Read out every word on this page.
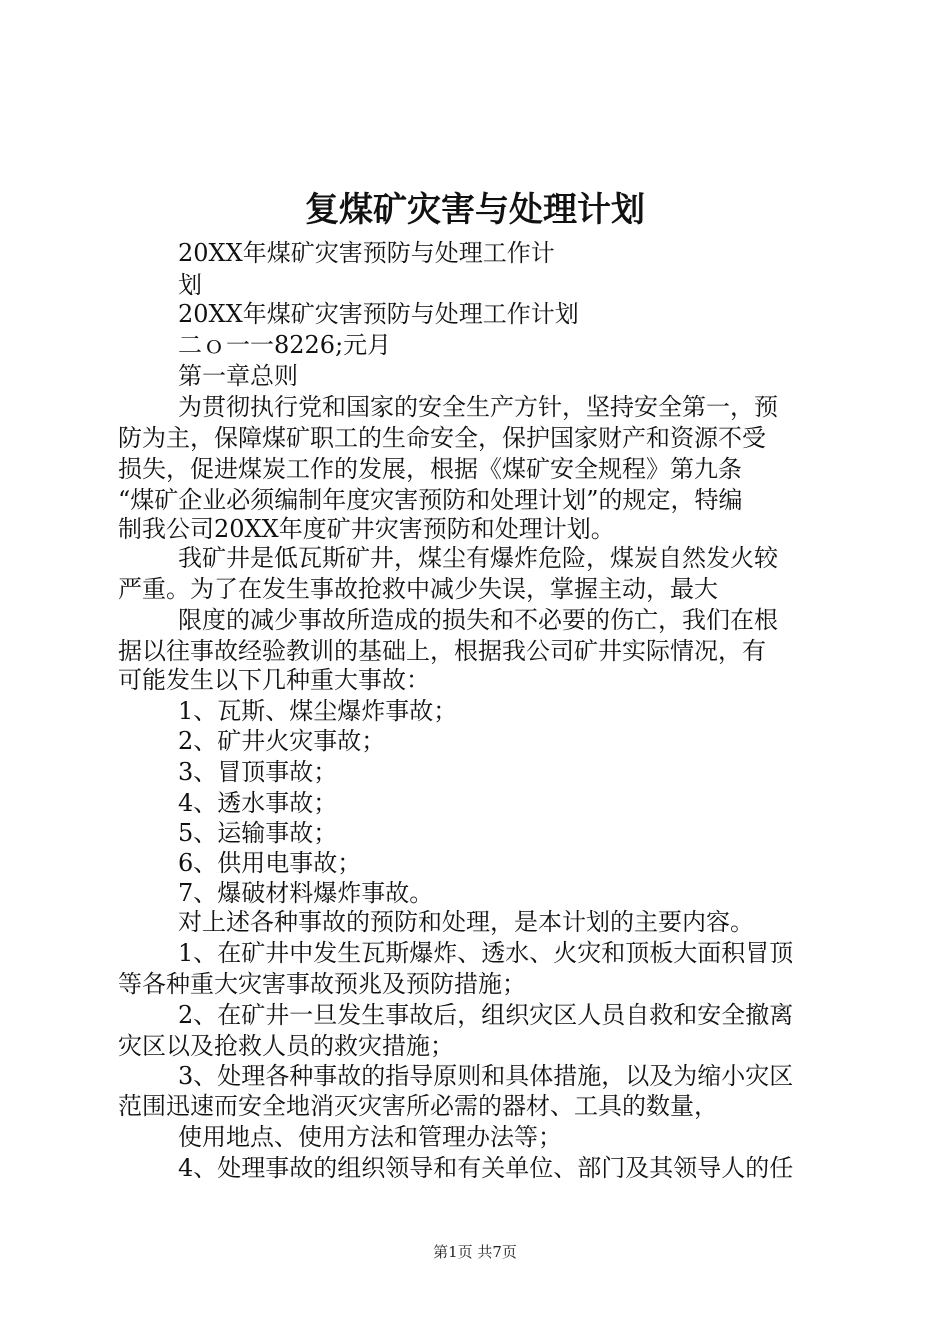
复煤矿灾害与处理计划

20XX年煤矿灾害预防与处理工作计

划

20XX年煤矿灾害预防与处理工作计划

二ｏ一一8226;元月

第一章总则

为贯彻执行党和国家的安全生产方针，坚持安全第一，预

防为主，保障煤矿职工的生命安全，保护国家财产和资源不受

损失，促进煤炭工作的发展，根据《煤矿安全规程》第九条

“煤矿企业必须编制年度灾害预防和处理计划”的规定，特编

制我公司20XX年度矿井灾害预防和处理计划。

我矿井是低瓦斯矿井，煤尘有爆炸危险，煤炭自然发火较

严重。为了在发生事故抢救中减少失误，掌握主动，最大

限度的减少事故所造成的损失和不必要的伤亡，我们在根

据以往事故经验教训的基础上，根据我公司矿井实际情况，有

可能发生以下几种重大事故：

1、瓦斯、煤尘爆炸事故；

2、矿井火灾事故；

3、冒顶事故；

4、透水事故；

5、运输事故；

6、供用电事故；

7、爆破材料爆炸事故。

对上述各种事故的预防和处理，是本计划的主要内容。

1、在矿井中发生瓦斯爆炸、透水、火灾和顶板大面积冒顶

等各种重大灾害事故预兆及预防措施；

2、在矿井一旦发生事故后，组织灾区人员自救和安全撤离

灾区以及抢救人员的救灾措施；

3、处理各种事故的指导原则和具体措施，以及为缩小灾区

范围迅速而安全地消灭灾害所必需的器材、工具的数量，

使用地点、使用方法和管理办法等；

4、处理事故的组织领导和有关单位、部门及其领导人的任

第1页 共7页
